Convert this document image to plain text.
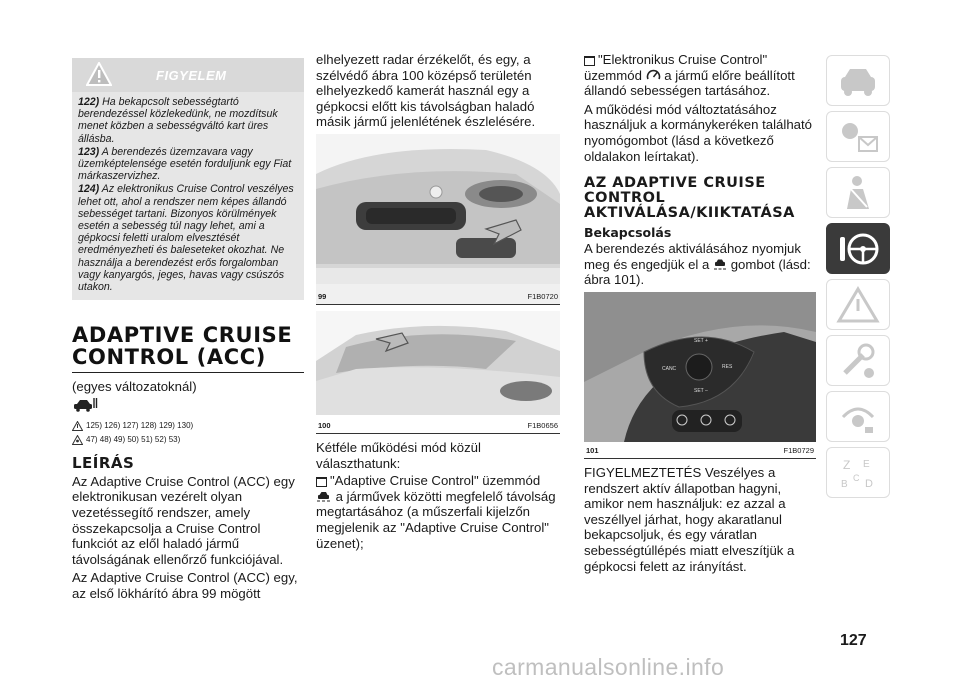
FIGYELEM
122) Ha bekapcsolt sebességtartó berendezéssel közlekedünk, ne mozdítsuk menet közben a sebességváltó kart üres állásba.
123) A berendezés üzemzavara vagy üzemképtelensége esetén forduljunk egy Fiat márkaszervizhez.
124) Az elektronikus Cruise Control veszélyes lehet ott, ahol a rendszer nem képes állandó sebességet tartani. Bizonyos körülmények esetén a sebesség túl nagy lehet, ami a gépkocsi feletti uralom elvesztését eredményezheti és baleseteket okozhat. Ne használja a berendezést erős forgalomban vagy kanyargós, jeges, havas vagy csúszós utakon.
ADAPTIVE CRUISE CONTROL (ACC)

(egyes változatoknál)

125) 126) 127) 128) 129) 130)
47) 48) 49) 50) 51) 52) 53)
LEÍRÁS

Az Adaptive Cruise Control (ACC) egy elektronikusan vezérelt olyan vezetéssegítő rendszer, amely összekapcsolja a Cruise Control funkciót az elől haladó jármű távolságának ellenőrző funkciójával.

Az Adaptive Cruise Control (ACC) egy, az első lökhárító ábra 99 mögött

elhelyezett radar érzékelőt, és egy, a szélvédő ábra 100 középső területén elhelyezkedő kamerát használ egy a gépkocsi előtt kis távolságban haladó másik jármű jelenlétének észlelésére.

99	F1B0720
100	F1B0656

Kétféle működési mód közül választhatunk:

"Adaptive Cruise Control" üzemmód

a járművek közötti megfelelő távolság megtartásához (a műszerfali kijelzőn megjelenik az "Adaptive Cruise Control" üzenet);

"Elektronikus Cruise Control"

üzemmód a jármű előre beállított állandó sebességen tartásához.

A működési mód változtatásához használjuk a kormánykeréken található nyomógombot (lásd a következő oldalakon leírtakat).

AZ ADAPTIVE CRUISE CONTROL AKTIVÁLÁSA/KIIKTATÁSA
Bekapcsolás

A berendezés aktiválásához nyomjuk meg és engedjük el a gombot (lásd: ábra 101).

SET +
CANC	RES
SET –
101	F1B0729

FIGYELMEZTETÉS Veszélyes a rendszert aktív állapotban hagyni, amikor nem használjuk: ez azzal a veszéllyel járhat, hogy akaratlanul bekapcsoljuk, és egy váratlan sebességtúllépés miatt elveszítjük a gépkocsi felett az irányítást.

Z E
B D
C
127
carmanualsonline.info
